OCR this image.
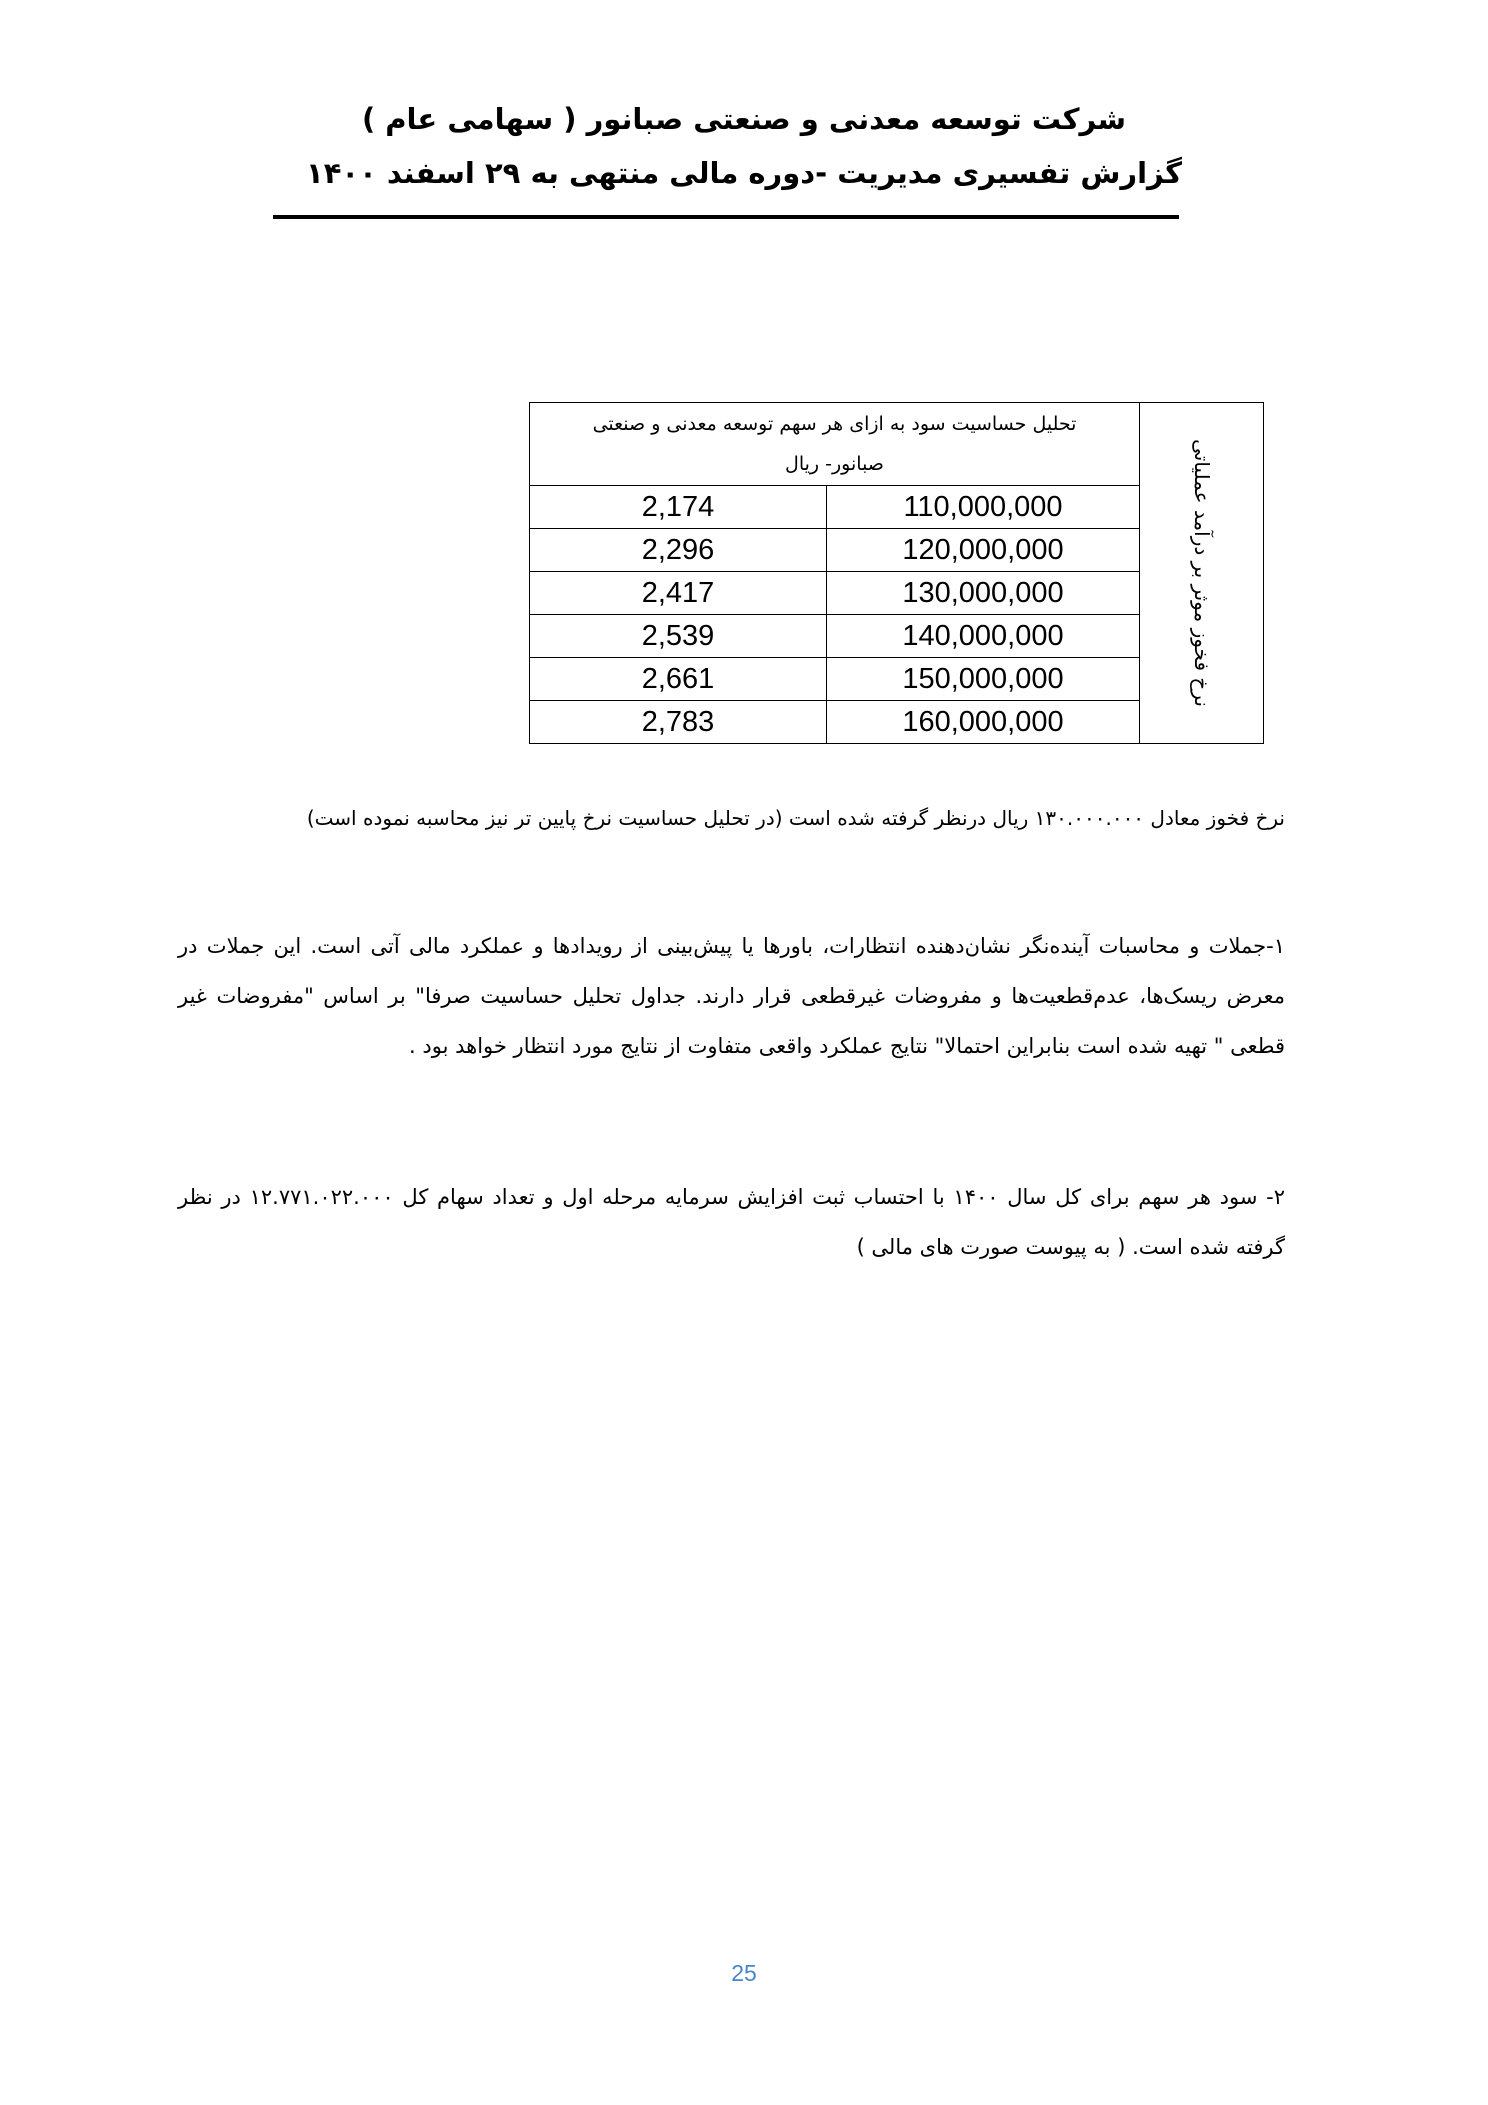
شرکت توسعه معدنی و صنعتی صبانور ( سهامی عام )
گزارش تفسیری مدیریت -دوره مالی منتهی به ۲۹ اسفند ۱۴۰۰
نرخ فخوز موثر بر درآمد عملیاتی	تحلیل حساسیت سود به ازای هر سهم توسعه معدنی و صنعتی
صبانور- ریال	

	110,000,000	2,174
	120,000,000	2,296
	130,000,000	2,417
	140,000,000	2,539
	150,000,000	2,661
	160,000,000	2,783
نرخ فخوز معادل ۱۳۰.۰۰۰.۰۰۰ ریال درنظر گرفته شده است (در تحلیل حساسیت نرخ پایین تر نیز محاسبه نموده است)
۱-جملات و محاسبات آینده‌نگر نشان‌دهنده انتظارات، باورها یا پیش‌بینی از رویدادها و عملکرد مالی آتی است. این جملات در معرض ریسک‌ها، عدم‌قطعیت‌ها و مفروضات غیرقطعی قرار دارند. جداول تحلیل حساسیت صرفا" بر اساس "مفروضات غیر قطعی " تهیه شده است بنابراین احتمالا" نتایج عملکرد واقعی متفاوت از نتایج مورد انتظار خواهد بود .
۲- سود هر سهم برای کل سال ۱۴۰۰ با احتساب ثبت افزایش سرمایه مرحله اول و تعداد سهام کل ۱۲.۷۷۱.۰۲۲.۰۰۰ در نظر گرفته شده است. ( به پیوست صورت های مالی )
25
